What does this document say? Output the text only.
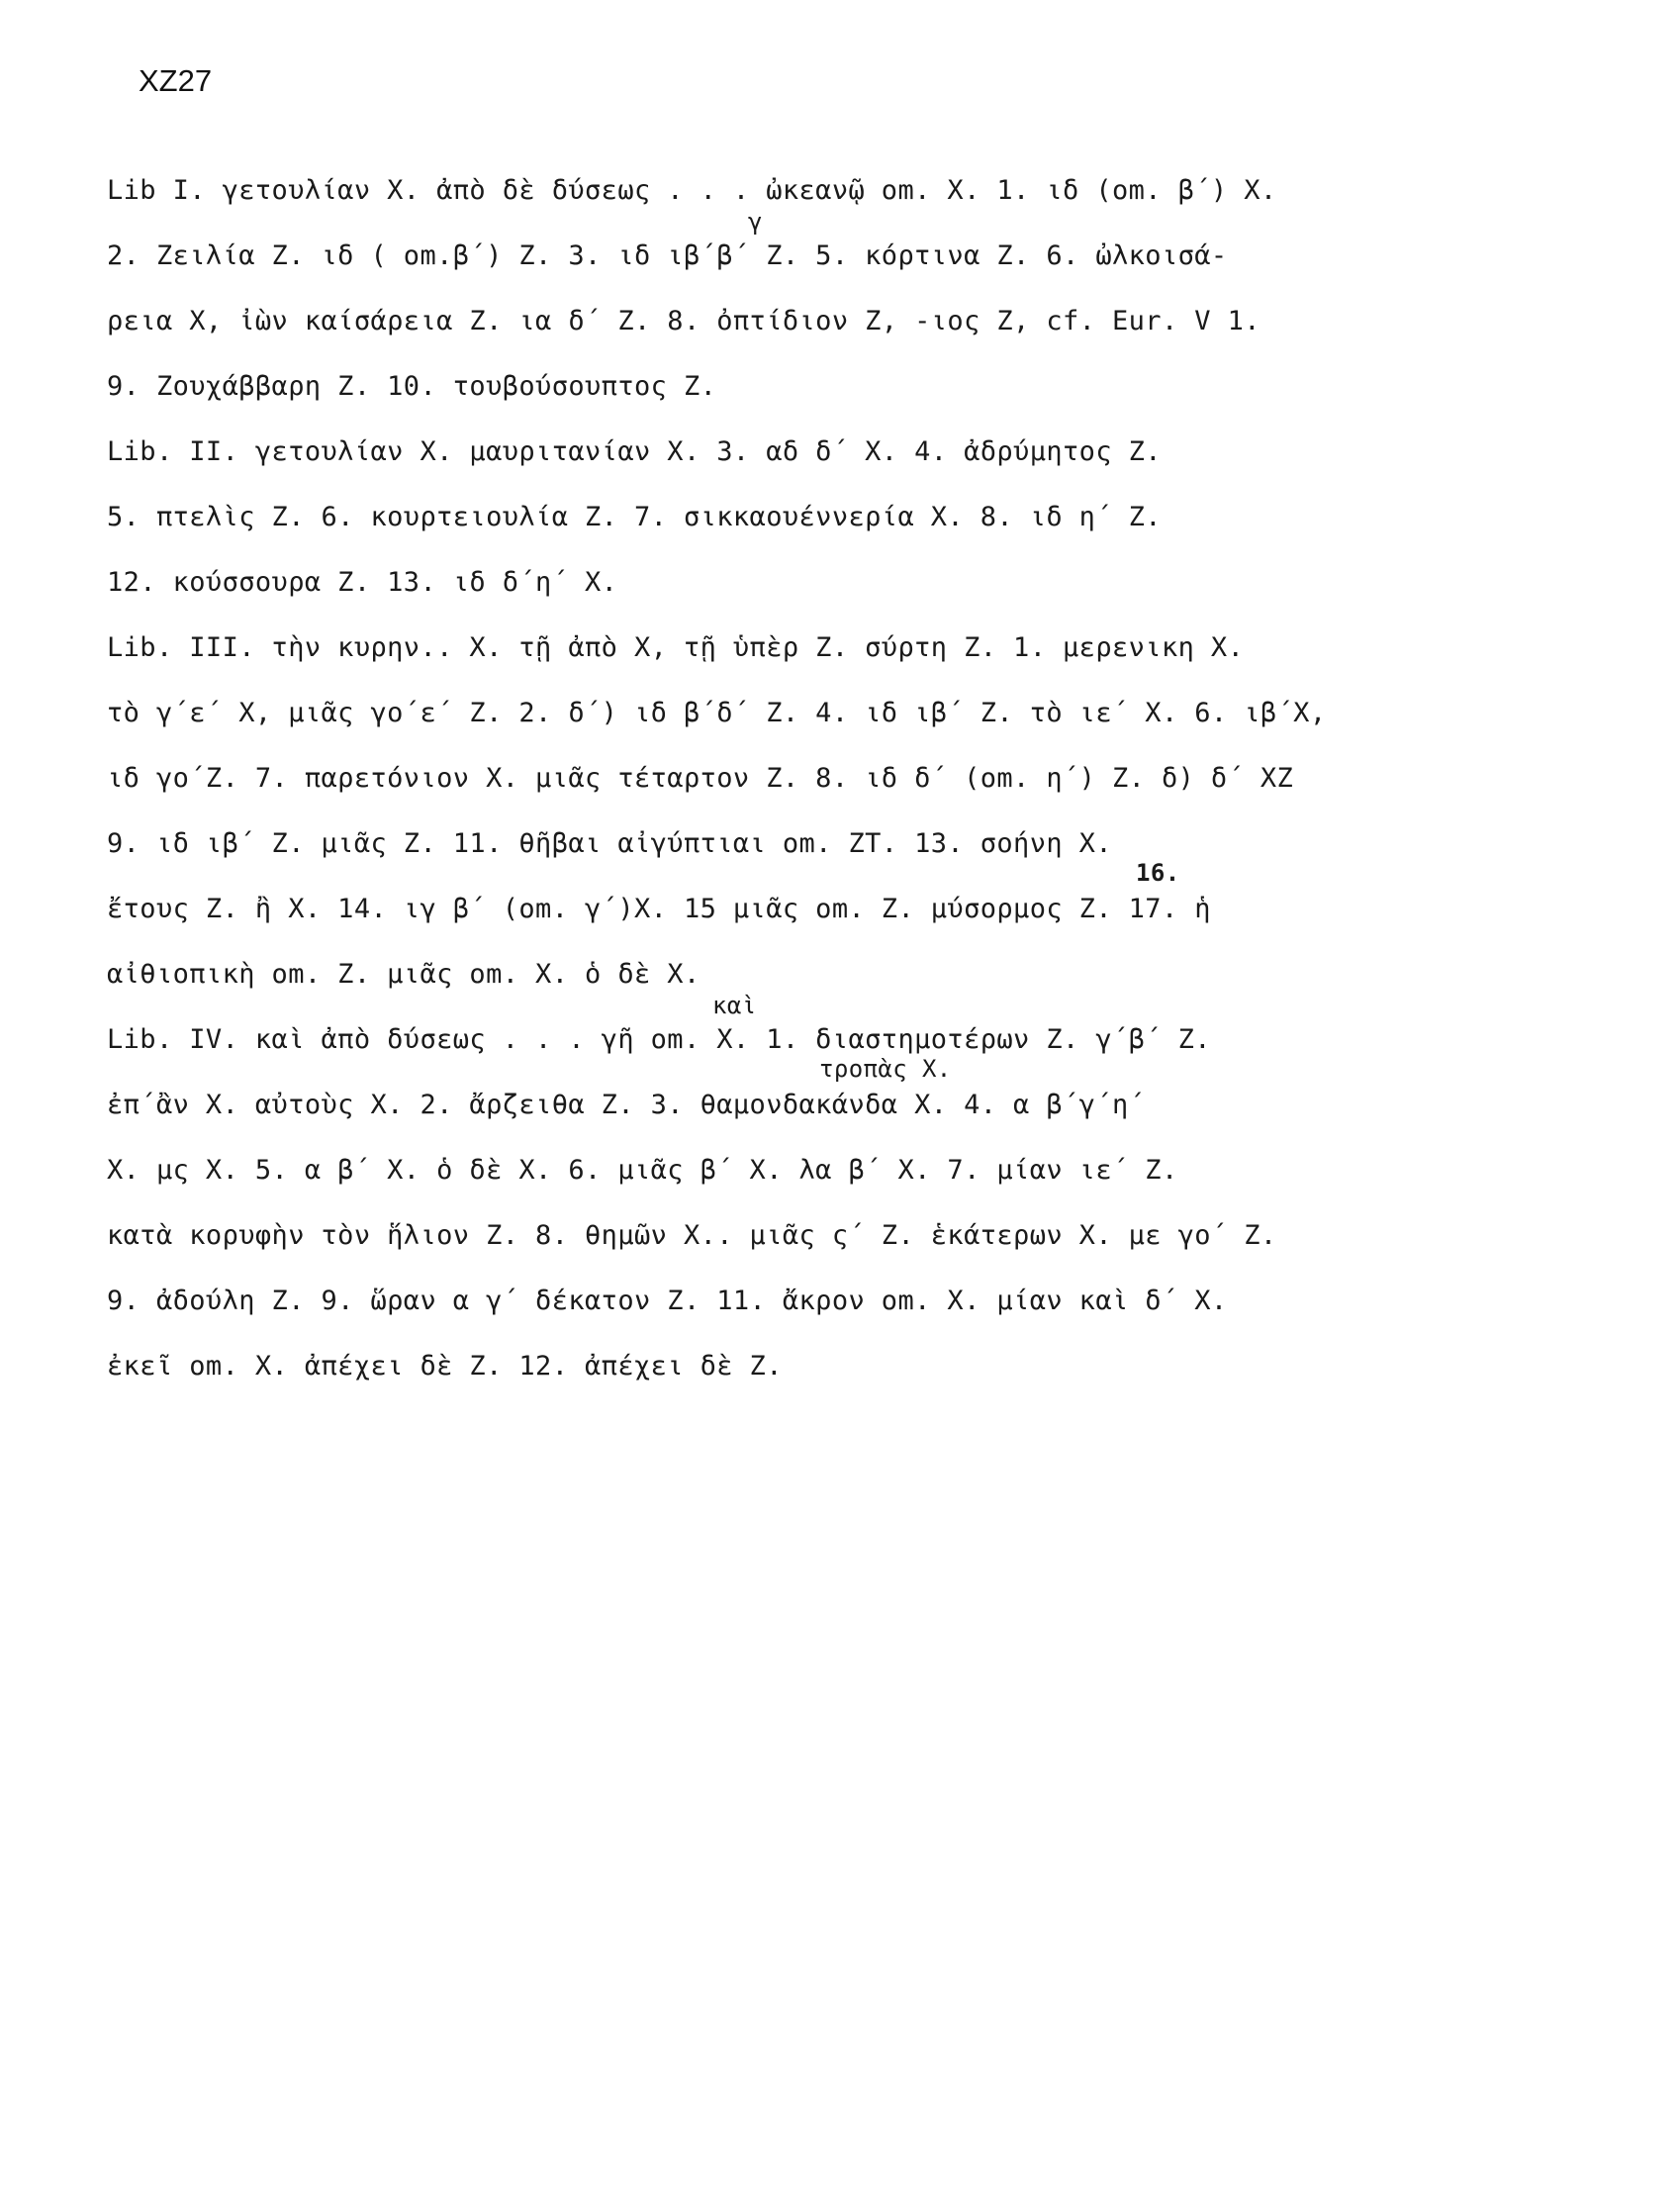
XZ27
Lib I. γετουλίαν X. ἀπὸ δὲ δύσεως . . . ὠκεανῷ om. X. 1. ιδ (om. β΄) X.
2. Ζειλία Z. ιδ ( om.β΄) Z. 3. ιδ ιβ΄β΄ Z. 5. κόρτινα Z. 6. ὠλκοισά-
γ
ρεια X, ἰὼν καίσάρεια Z. ια δ΄ Z. 8. ὀπτίδιον Z, -ιος Z, cf. Eur. V 1.
9. Ζουχάββαρη Z. 10. τουβούσουπτος Z.
Lib. II. γετουλίαν X. μαυριτανίαν X. 3. αδ δ΄ X. 4. ἀδρύμητος Z.
5. πτελὶς Z. 6. κουρτειουλία Z. 7. σικκαουέννερία X. 8. ιδ η΄ Z.
12. κούσσουρα Z. 13. ιδ δ΄η΄ X.
Lib. III. τὴν κυρην.. X. τῇ ἀπὸ X, τῇ ὑπὲρ Z. σύρτη Z. 1. μερενικη X.
τὸ γ΄ε΄ X, μιᾶς γο΄ε΄ Z. 2. δ΄) ιδ β΄δ΄ Z. 4. ιδ ιβ΄ Z. τὸ ιε΄ X. 6. ιβ΄X,
ιδ γο΄Z. 7. παρετόνιον X. μιᾶς τέταρτον Z. 8. ιδ δ΄ (om. η΄) Z. δ) δ΄ XZ
9. ιδ ιβ΄ Z. μιᾶς Z. 11. θῆβαι αἰγύπτιαι om. ZT. 13. σοήνη X.
ἔτους Z. ἢ X. 14. ιγ β΄ (om. γ΄)X. 15 μιᾶς om. Z. μύσορμος Z. 17. ἡ
16.
αἰθιοπικὴ om. Z. μιᾶς om. X. ὁ δὲ X.
Lib. IV. καὶ ἀπὸ δύσεως . . . γῆ om. X. 1. διαστημοτέρων Z. γ΄β΄ Z.
καὶ
ἐπ΄ἂν X. αὐτοὺς X. 2. ἄρζειθα Z. 3. θαμονδακάνδα X. 4. α β΄γ΄η΄
τροπὰς X.
X. μς X. 5. α β΄ X. ὁ δὲ X. 6. μιᾶς β΄ X. λα β΄ X. 7. μίαν ιε΄ Z.
κατὰ κορυφὴν τὸν ἥλιον Z. 8. θημῶν X.. μιᾶς ς΄ Z. ἑκάτερων X. με γο΄ Z.
9. ἀδούλη Z. 9. ὥραν α γ΄ δέκατον Z. 11. ἄκρον om. X. μίαν καὶ δ΄ X.
ἐκεῖ om. X. ἀπέχει δὲ Z. 12. ἀπέχει δὲ Z.
